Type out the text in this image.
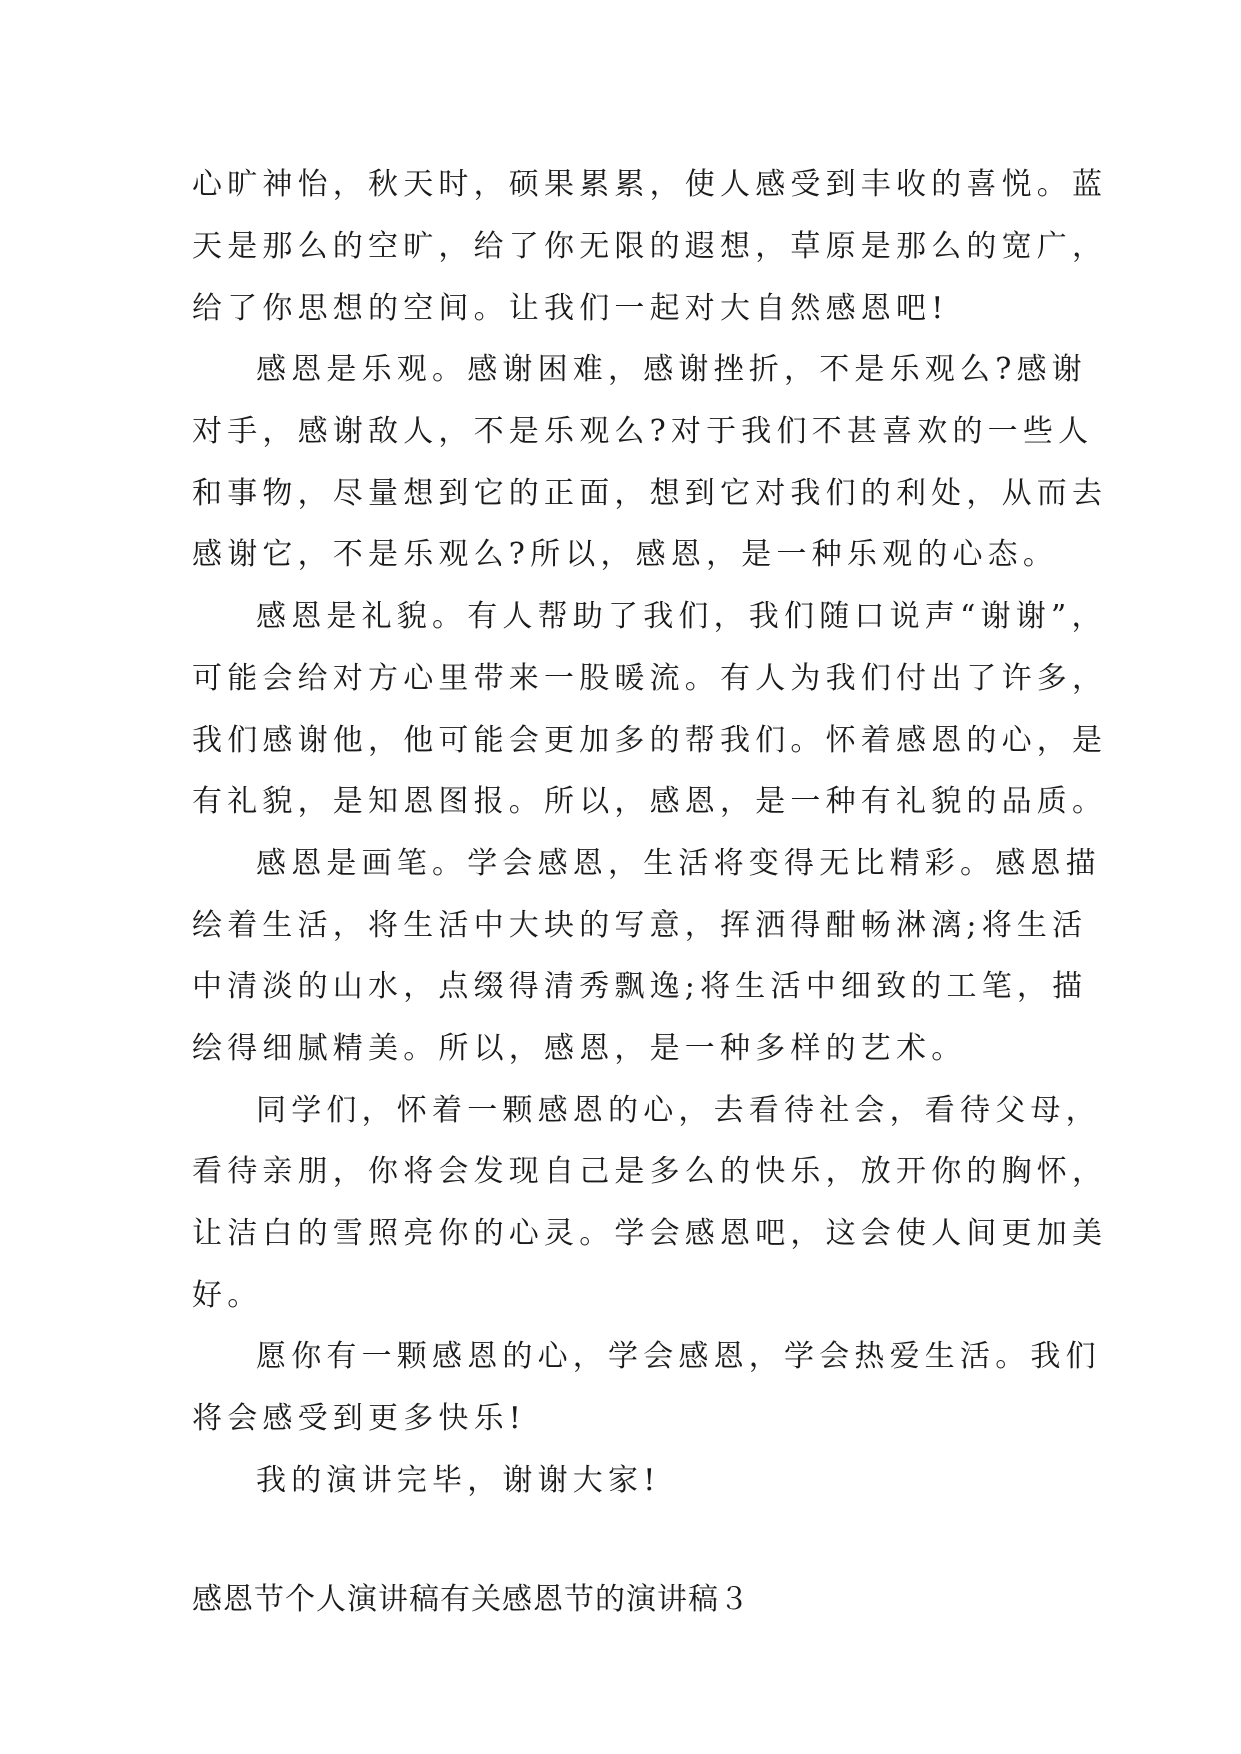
心旷神怡，秋天时，硕果累累，使人感受到丰收的喜悦。蓝
天是那么的空旷，给了你无限的遐想，草原是那么的宽广，
给了你思想的空间。让我们一起对大自然感恩吧!
感恩是乐观。感谢困难，感谢挫折，不是乐观么?感谢
对手，感谢敌人，不是乐观么?对于我们不甚喜欢的一些人
和事物，尽量想到它的正面，想到它对我们的利处，从而去
感谢它，不是乐观么?所以，感恩，是一种乐观的心态。
感恩是礼貌。有人帮助了我们，我们随口说声“谢谢”，
可能会给对方心里带来一股暖流。有人为我们付出了许多，
我们感谢他，他可能会更加多的帮我们。怀着感恩的心，是
有礼貌，是知恩图报。所以，感恩，是一种有礼貌的品质。
感恩是画笔。学会感恩，生活将变得无比精彩。感恩描
绘着生活，将生活中大块的写意，挥洒得酣畅淋漓;将生活
中清淡的山水，点缀得清秀飘逸;将生活中细致的工笔，描
绘得细腻精美。所以，感恩，是一种多样的艺术。
同学们，怀着一颗感恩的心，去看待社会，看待父母，
看待亲朋，你将会发现自己是多么的快乐，放开你的胸怀，
让洁白的雪照亮你的心灵。学会感恩吧，这会使人间更加美
好。
愿你有一颗感恩的心，学会感恩，学会热爱生活。我们
将会感受到更多快乐!
我的演讲完毕，谢谢大家!
感恩节个人演讲稿有关感恩节的演讲稿３
